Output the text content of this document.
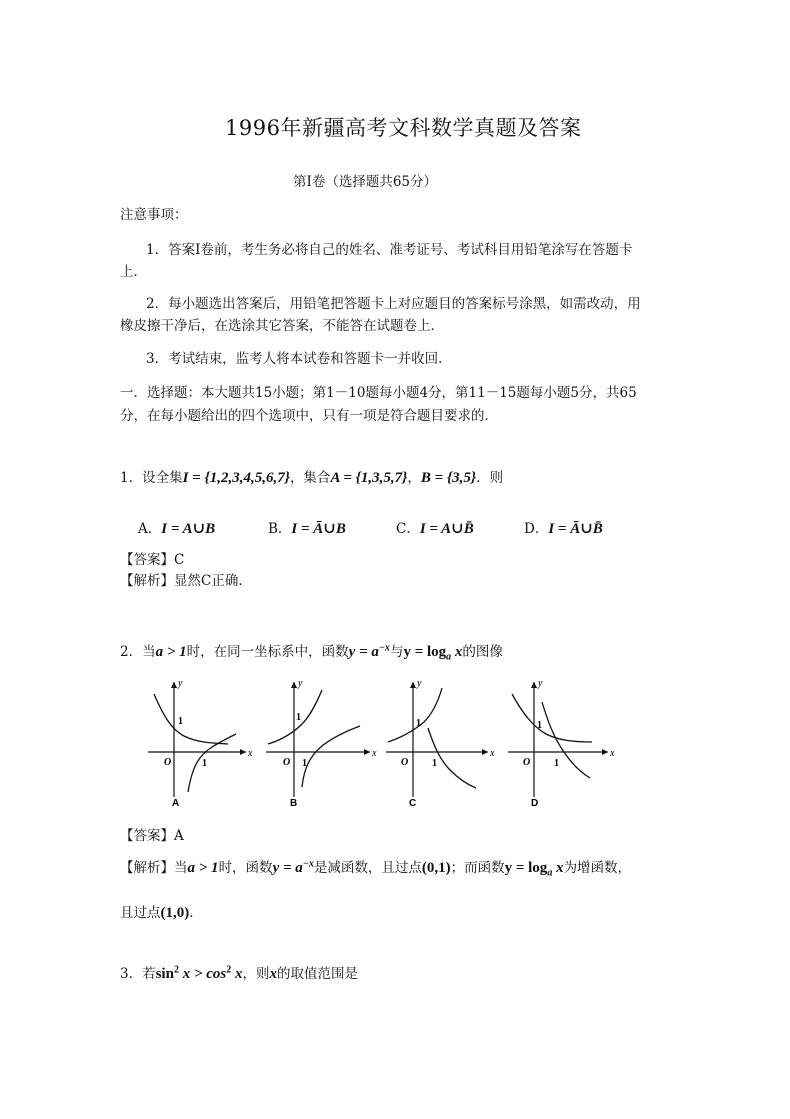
1996年新疆高考文科数学真题及答案
第Ⅰ卷（选择题共65分）
注意事项：
1．答案Ⅰ卷前，考生务必将自己的姓名、准考证号、考试科目用铅笔涂写在答题卡
上．
2．每小题选出答案后，用铅笔把答题卡上对应题目的答案标号涂黑，如需改动，用
橡皮擦干净后，在选涂其它答案，不能答在试题卷上．
3．考试结束，监考人将本试卷和答题卡一并收回．
一．选择题：本大题共15小题；第1－10题每小题4分，第11－15题每小题5分，共65
分，在每小题给出的四个选项中，只有一项是符合题目要求的．
1．设全集I = {1,2,3,4,5,6,7}，集合A = {1,3,5,7}，B = {3,5}．则
A．I = A∪B	B．I = Ā∪B	C．I = A∪B̄	D．I = Ā∪B̄
【答案】C
【解析】显然C正确．
2．当a > 1时，在同一坐标系中，函数$y = a^{-x}$与$y = \log_a x$的图像
y
x
O
1
1
A
y
x
O
1
1
B
y
x
O
1
1
C
y
x
O
1
1
D
【答案】A
【解析】当a > 1时，函数$y = a^{-x}$是减函数，且过点(0,1)；而函数$y = \log_a x$为增函数，
且过点(1,0)．
3．若$\sin^2 x > \cos^2 x$，则x的取值范围是
